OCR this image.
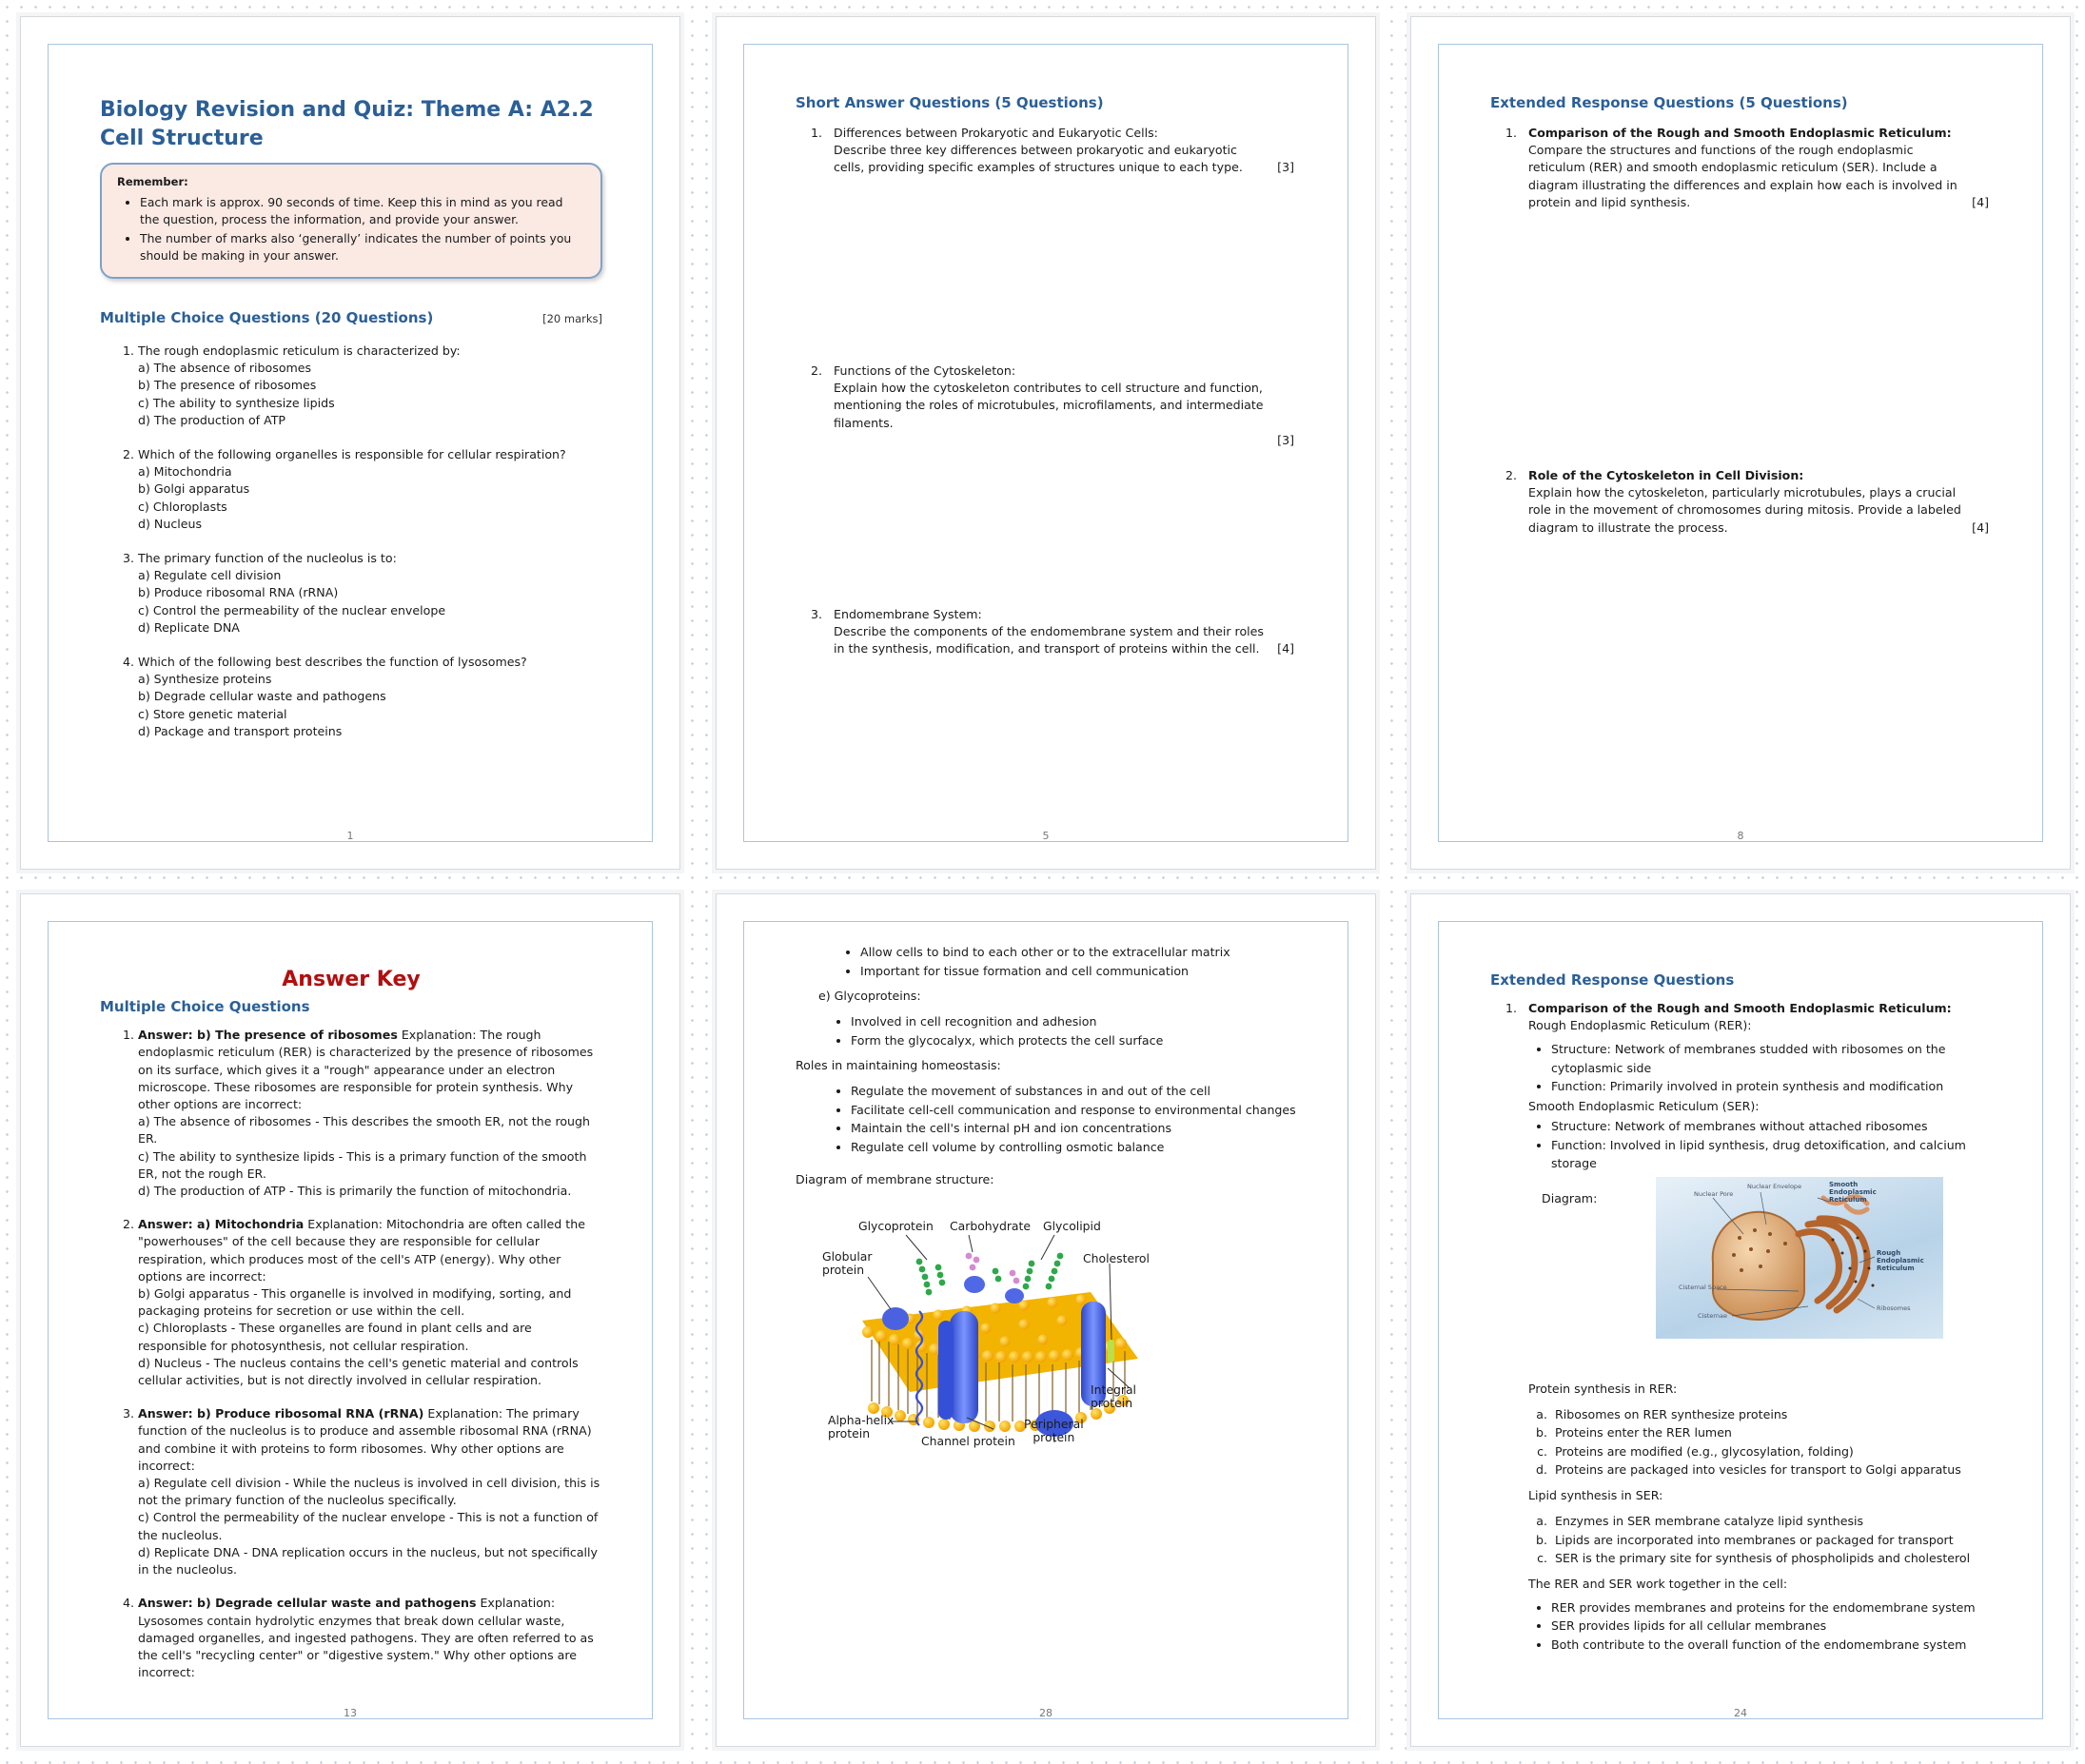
Biology Revision and Quiz: Theme A: A2.2 Cell Structure
Remember:
• Each mark is approx. 90 seconds of time. Keep this in mind as you read the question, process the information, and provide your answer.
• The number of marks also ‘generally’ indicates the number of points you should be making in your answer.
Multiple Choice Questions (20 Questions)	[20 marks]
1. The rough endoplasmic reticulum is characterized by:
a) The absence of ribosomes
b) The presence of ribosomes
c) The ability to synthesize lipids
d) The production of ATP
2. Which of the following organelles is responsible for cellular respiration?
a) Mitochondria
b) Golgi apparatus
c) Chloroplasts
d) Nucleus
3. The primary function of the nucleolus is to:
a) Regulate cell division
b) Produce ribosomal RNA (rRNA)
c) Control the permeability of the nuclear envelope
d) Replicate DNA
4. Which of the following best describes the function of lysosomes?
a) Synthesize proteins
b) Degrade cellular waste and pathogens
c) Store genetic material
d) Package and transport proteins
1
Short Answer Questions (5 Questions)
1. Differences between Prokaryotic and Eukaryotic Cells:
Describe three key differences between prokaryotic and eukaryotic cells, providing specific examples of structures unique to each type.	[3]
2. Functions of the Cytoskeleton:
Explain how the cytoskeleton contributes to cell structure and function, mentioning the roles of microtubules, microfilaments, and intermediate filaments.
[3]
3. Endomembrane System:
Describe the components of the endomembrane system and their roles in the synthesis, modification, and transport of proteins within the cell.	[4]
5
Extended Response Questions (5 Questions)
1. Comparison of the Rough and Smooth Endoplasmic Reticulum:
Compare the structures and functions of the rough endoplasmic reticulum (RER) and smooth endoplasmic reticulum (SER). Include a diagram illustrating the differences and explain how each is involved in protein and lipid synthesis.	[4]
2. Role of the Cytoskeleton in Cell Division:
Explain how the cytoskeleton, particularly microtubules, plays a crucial role in the movement of chromosomes during mitosis. Provide a labeled diagram to illustrate the process.	[4]
8
Answer Key
Multiple Choice Questions
1. Answer: b) The presence of ribosomes Explanation: The rough endoplasmic reticulum (RER) is characterized by the presence of ribosomes on its surface, which gives it a "rough" appearance under an electron microscope. These ribosomes are responsible for protein synthesis. Why other options are incorrect:
a) The absence of ribosomes - This describes the smooth ER, not the rough ER.
c) The ability to synthesize lipids - This is a primary function of the smooth ER, not the rough ER.
d) The production of ATP - This is primarily the function of mitochondria.
2. Answer: a) Mitochondria Explanation: Mitochondria are often called the "powerhouses" of the cell because they are responsible for cellular respiration, which produces most of the cell's ATP (energy). Why other options are incorrect:
b) Golgi apparatus - This organelle is involved in modifying, sorting, and packaging proteins for secretion or use within the cell.
c) Chloroplasts - These organelles are found in plant cells and are responsible for photosynthesis, not cellular respiration.
d) Nucleus - The nucleus contains the cell's genetic material and controls cellular activities, but is not directly involved in cellular respiration.
3. Answer: b) Produce ribosomal RNA (rRNA) Explanation: The primary function of the nucleolus is to produce and assemble ribosomal RNA (rRNA) and combine it with proteins to form ribosomes. Why other options are incorrect:
a) Regulate cell division - While the nucleus is involved in cell division, this is not the primary function of the nucleolus specifically.
c) Control the permeability of the nuclear envelope - This is not a function of the nucleolus.
d) Replicate DNA - DNA replication occurs in the nucleus, but not specifically in the nucleolus.
4. Answer: b) Degrade cellular waste and pathogens Explanation: Lysosomes contain hydrolytic enzymes that break down cellular waste, damaged organelles, and ingested pathogens. They are often referred to as the cell's "recycling center" or "digestive system." Why other options are incorrect:
13
• Allow cells to bind to each other or to the extracellular matrix
• Important for tissue formation and cell communication
e) Glycoproteins:
• Involved in cell recognition and adhesion
• Form the glycocalyx, which protects the cell surface
Roles in maintaining homeostasis:
• Regulate the movement of substances in and out of the cell
• Facilitate cell-cell communication and response to environmental changes
• Maintain the cell's internal pH and ion concentrations
• Regulate cell volume by controlling osmotic balance
Diagram of membrane structure:
Glycoprotein Carbohydrate Glycolipid
Globular
protein
Cholesterol
Integral
protein
Alpha-helix
protein
Channel protein
Peripheral
protein
28
Extended Response Questions
1. Comparison of the Rough and Smooth Endoplasmic Reticulum: Rough Endoplasmic Reticulum (RER):
• Structure: Network of membranes studded with ribosomes on the cytoplasmic side
• Function: Primarily involved in protein synthesis and modification
Smooth Endoplasmic Reticulum (SER):
• Structure: Network of membranes without attached ribosomes
• Function: Involved in lipid synthesis, drug detoxification, and calcium storage
Diagram:	Nuclear Pore
Nuclear Envelope	Smooth
Endoplasmic
Reticulum
Rough
Endoplasmic
Reticulum
Cisternal Space
Cisternae
Ribosomes
Protein synthesis in RER:
a. Ribosomes on RER synthesize proteins
b. Proteins enter the RER lumen
c. Proteins are modified (e.g., glycosylation, folding)
d. Proteins are packaged into vesicles for transport to Golgi apparatus
Lipid synthesis in SER:
a. Enzymes in SER membrane catalyze lipid synthesis
b. Lipids are incorporated into membranes or packaged for transport
c. SER is the primary site for synthesis of phospholipids and cholesterol
The RER and SER work together in the cell:
• RER provides membranes and proteins for the endomembrane system
• SER provides lipids for all cellular membranes
• Both contribute to the overall function of the endomembrane system
24
